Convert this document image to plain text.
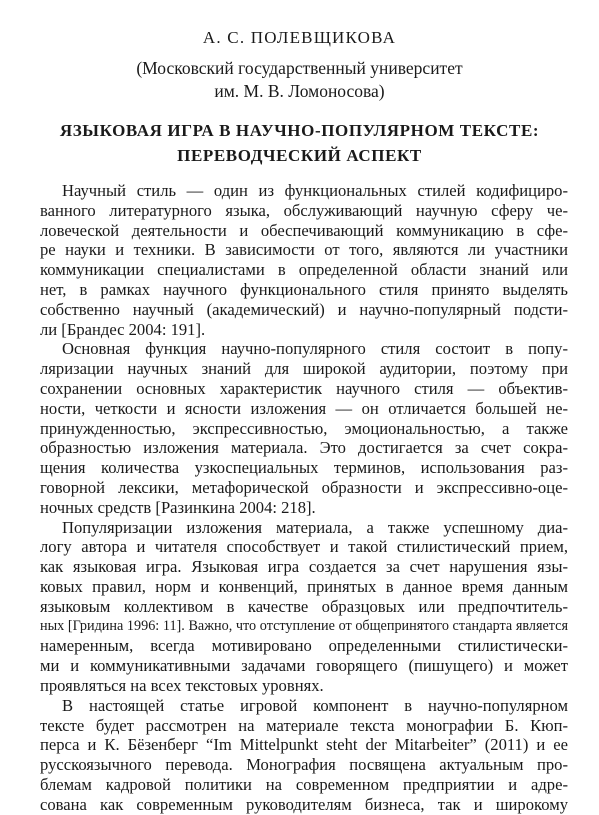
А. С. ПОЛЕВЩИКОВА
(Московский государственный университет
им. М. В. Ломоносова)
ЯЗЫКОВАЯ ИГРА В НАУЧНО-ПОПУЛЯРНОМ ТЕКСТЕ:
ПЕРЕВОДЧЕСКИЙ АСПЕКТ
Научный стиль — один из функциональных стилей кодифициро-
ванного литературного языка, обслуживающий научную сферу че-
ловеческой деятельности и обеспечивающий коммуникацию в сфе-
ре науки и техники. В зависимости от того, являются ли участники
коммуникации специалистами в определенной области знаний или
нет, в рамках научного функционального стиля принято выделять
собственно научный (академический) и научно-популярный подсти-
ли [Брандес 2004: 191].
Основная функция научно-популярного стиля состоит в попу-
ляризации научных знаний для широкой аудитории, поэтому при
сохранении основных характеристик научного стиля — объектив-
ности, четкости и ясности изложения — он отличается большей не-
принужденностью, экспрессивностью, эмоциональностью, а также
образностью изложения материала. Это достигается за счет сокра-
щения количества узкоспециальных терминов, использования раз-
говорной лексики, метафорической образности и экспрессивно-оце-
ночных средств [Разинкина 2004: 218].
Популяризации изложения материала, а также успешному диа-
логу автора и читателя способствует и такой стилистический прием,
как языковая игра. Языковая игра создается за счет нарушения язы-
ковых правил, норм и конвенций, принятых в данное время данным
языковым коллективом в качестве образцовых или предпочтитель-
ных [Гридина 1996: 11]. Важно, что отступление от общепринятого стандарта является
намеренным, всегда мотивировано определенными стилистически-
ми и коммуникативными задачами говорящего (пишущего) и может
проявляться на всех текстовых уровнях.
В настоящей статье игровой компонент в научно-популярном
тексте будет рассмотрен на материале текста монографии Б. Кюп-
перса и К. Бёзенберг “Im Mittelpunkt steht der Mitarbeiter” (2011) и ее
русскоязычного перевода. Монография посвящена актуальным про-
блемам кадровой политики на современном предприятии и адре-
сована как современным руководителям бизнеса, так и широкому
